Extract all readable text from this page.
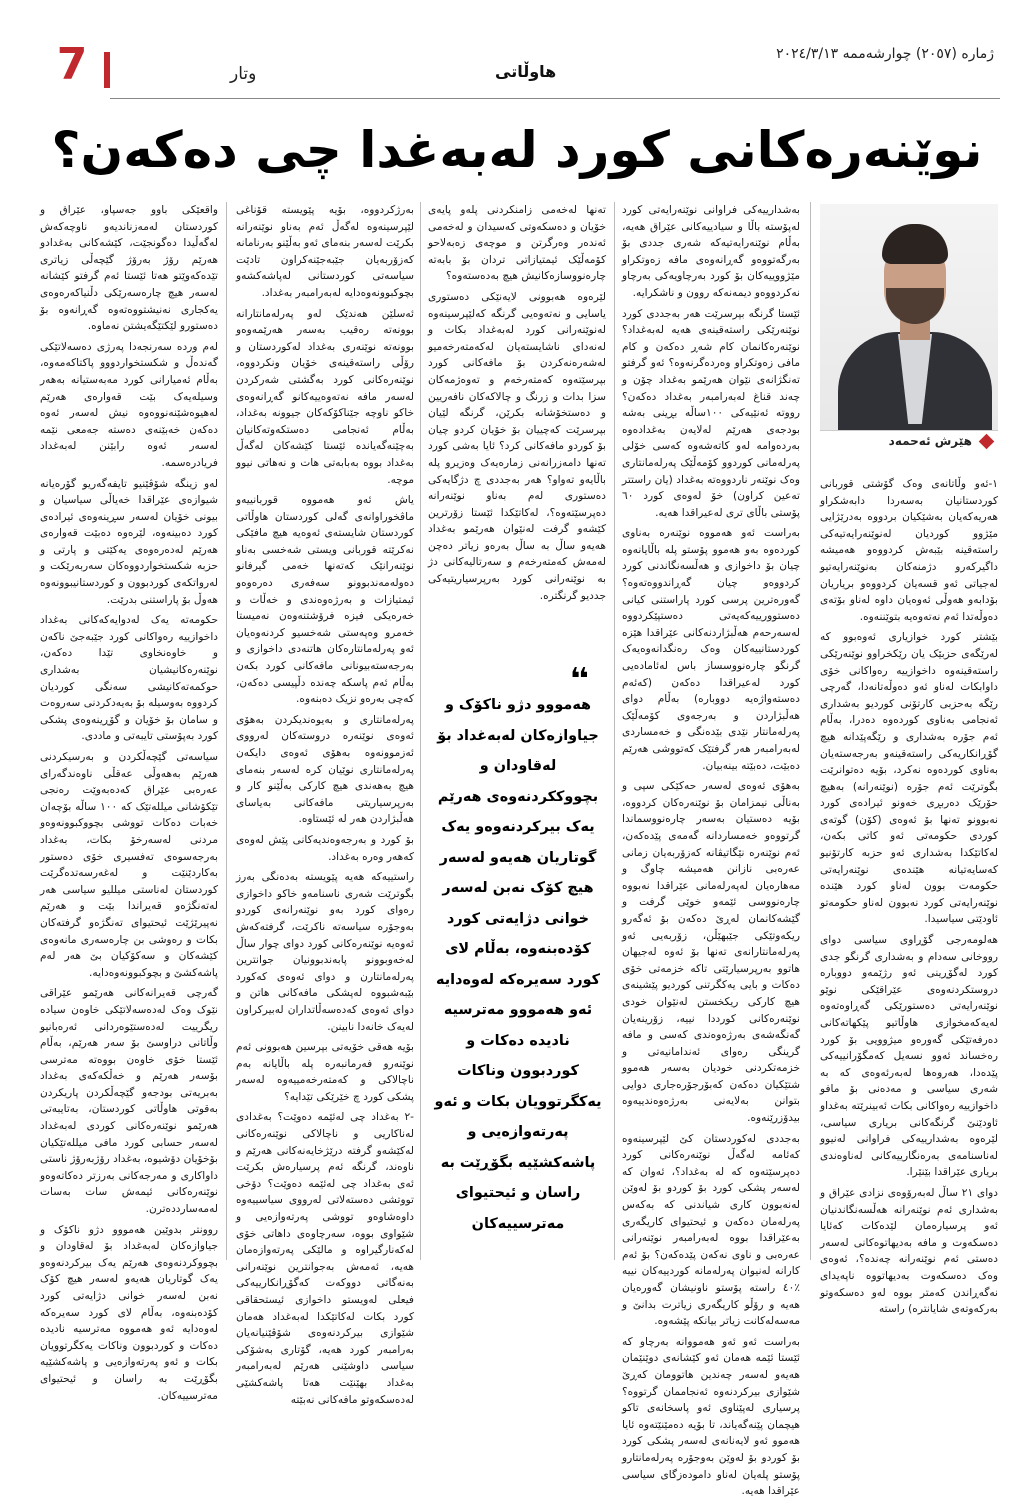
7	وتار	هاوڵاتی
ژمارە (٢٠٥٧) چوارشەممە ٢٠٢٤/٣/١٣
نوێنەرەکانی کورد لەبەغدا چی دەکەن؟
هێرش ئەحمەد

١-ئەو وڵاتانەی وەک گۆشتی قوربانی کوردستانیان بەسەردا دابەشکراو هەریەکەیان بەشێکیان بردووە بەدرێژایی مێژوو کوردیان لەنوێنەرایەتیەکی راستەقینە بێبەش کردووەو هەمیشە داگیرکەرو دژمنەکان بەنوێنەرایەتیو لەجیاتی ئەو قسەیان کردووەو بریاریان بۆدابەو هەوڵی ئەوەیان داوە لەناو بۆتەی دەوڵەتدا ئەم نەتەوەیە بتوێننەوە.

بێشتر کورد خوازیاری ئەوەبوو کە لەرێگەی حزبێک یان رێکخراوو نوێنەرێکی راستەقینەوە داخوازییە رەواکانی خۆی داوابکات لەناو ئەو دەوڵەتانەدا، گەرچی رێگە بەحزبی کارتۆنی کوردیو بەشداری ئەنجامی بەناوی کوردەوە دەدرا، بەڵام ئەم جۆرە بەشداری و رێگەپێدانە هیچ گۆڕانکاریەکی راستەقینەو بەرجەستەیان بەناوی کوردەوە نەکرد، بۆیە دەتوانرێت بگوترێت ئەم جۆرە (نوێنەرانە) بەهیچ حۆرێک دەربڕی خەونو ئیرادەی کورد نەبوونو تەنها بۆ ئەوەی (کۆن) گوتەی کوردی حکومەتی ئەو کاتی بکەن، لەکاتێکدا بەشداری ئەو حزبە کارتۆنیو کەسایەتیانە هێندەی نوێنەرایەتی حکومەت بوون لەناو کورد هێندە نوێنەرایەتی کورد نەبوون لەناو حکومەتو ئاودێتی سیاسیدا.

هەلومەرجی گۆڕاوی سیاسی دوای رووخانی سەدام و بەشداری گرنگو جدی کورد لەگۆڕینی ئەو رژێمەو دووبارە دروستکردنەوەی عێراقێکی نوێو نوێنەرایەتی دەستورێکی گەڕاوەتەوە لەیەکەمخوازی هاوڵاتیو پێکهاتەکانی دەرفەتێکی گەورەو میژوویی بۆ کورد رەخساند ئەوو نسەیل کەمگۆرانییەکی پێدەدا، هەروەها لەبەرئەوەی کە بە شەری سیاسی و مەدەنی بۆ مافو داخوازییە رەواکانی بکات ئەبینرێتە بەغداو ئاودێنێ گرنگەکانی بریاری سیاسی، لێرەوە بەشدارییەکی فراوانی لەنیوو لەناسنامەی بەرەنگارییەکانی لەناوەندی بریاری عێراقدا بێنێرا.

دوای ٢١ ساڵ لەبەرۆوەی نزادی عێراق و بەشداری ئەم نوێنەرانە هەڵسەنگاندنیان ئەو پرسیارەمان لێدەکات کەئایا دەسکەوت و مافە بەدیهاتوەکانی لەسەر دەستی ئەم نوێنەرانە چەندە؟، ئەوەی وەک دەسکەوت بەدیهاتووە ناپەیدای نەگەڕاندن کەمتر بووە لەو دەسکەوتو بەرکەوتەی شایانترە) راستە

بەشدارییەکی فراوانی نوێنەرایەتی کورد لەپۆستە باڵا و سیادییەکانی عێراق هەیە، بەڵام نوێنەرایەتیەکە شەری جددی بۆ بەرگەتووەو گەڕانەوەی مافە زەوتکراو مێژووییەکان بۆ کورد بەرچاویەکی بەرچاو نەکردووەو دیمەنەکە روون و ناشکرایە.

ئێستا گرنگە بپرسرێت هەر بەجددی کورد نوێنەرێکی راستەقینەی هەیە لەبەغداد؟ نوێنەرەکانمان کام شەڕ دەکەن و کام مافی زەوتکراو وەردەگرنەوە؟ ئەو گرفتو تەنگژانەی نێوان هەرێمو بەغداد چۆن و چەند قناغ لەبەرامبەر بەغداد دەکەن؟ رووتە ئەنێیەکی ١٠٠ساڵە بڕینی بەشە بودجەی هەرێم لەلایەن بەغدادەوە بەردەوامە لەو کاتەشەوە کەسی خۆلی پەرلەمانی کوردوو کۆمەڵێک پەرلەمانتاری وەک نوێنەر ناردووەتە بەغداد (یان راستتر تەعین کراون) خۆ لەوەی کورد ٦٠ پۆستی باڵای تری لەعیراقدا هەیە.

بەراست ئەو هەمووە نوێنەرە بەناوی کوردەوە بەو هەموو پۆستو پلە باڵایانەوە چیان بۆ داخوازی و هەڵسەنگاندنی کورد کردووەو چیان گەڕاندووەتەوە؟ گەورەترین پرسی کورد پاراستنی کیانی دەستوورییەکەیەتی دەستپێکردووە لەسەرحەم هەڵبژاردنەکانی عێراقدا هێزە کوردستانییەکان وەک رەنگدانەوەیەک گرنگو چارەنووسساز باس لەئامادەیی کورد لەعیراقدا دەکەن (کەئەم دەستەواژەیە دووبارە) بەڵام دوای هەڵبژاردن و بەرجەوی کۆمەڵێک پەرلەمانتار نێدی بێدەنگی و خەمساردی لەبەرامبەر هەر گرفتێک کەتووشی هەرێم دەبێت، دەبێتە بینەبیان.

بەهۆی ئەوەی لەسەر حەکێکی سپی و بەناڵی نیمزامان بۆ نوێنەرەکان کردووە، بۆیە دەستیان بەسەر چارەنووسماندا گرتووەو خەمساردانە گەمەی پێدەکەن، ئەم نوێنەرە نێگاتیڤانە کەزۆربەیان زمانی عەرەبی نازانن هەمیشە چاوگ و مەهارەیان لەپەرلەمانی عێراقدا نەبووە چارەنووسی ئێمەو خوێی گرفت و گێشەکانمان لەڕێ دەکەن بۆ ئەگەرو ریکەوتێکی جێبهێڵن، زۆربەیی ئەو پەرلەمانتارانەی تەنها بۆ ئەوە لەجیهان هاتوو بەرپرسیارێتی تاکە خزمەتی خۆی دەکات و بایی یەکگرتنی کوردیو پێشینەی هیچ کارکی ریکخستن لەنێوان خودی نوێنەرەکانی کورددا نییە، زۆرینەیان گەنگەشەی بەرژەوەندی کەسی و مافە گرینگی رەوای ئەندامانیەتی و خزمەتکردنی خودیان بەسەر هەموو شتێکیان دەکەن کەبۆرجۆرەجاری دوایی بتوانن بەلایەنی بەرژەوەندییەوە بیدۆزرێنەوە.

بەجددی لەکوردستان کێ لێپرسینەوە کەئامە لەگەڵ نوێنەرەکانی کورد دەپرسێتەوە کە لە بەغداد؟، ئەوان کە لەسەر پشکی کورد بۆ کوردو بۆ لەوێن لەنەبوون کاری شیاندنی کە بەکەس پەرلەمان دەکەن و ئیحتیوای کاریگەری بەعێراقدا بووە لەبەرامبەر نوێنەرانی عەرەبی و ناوی نەکەن پێدەکەن؟ بۆ ئەم کارانە لەنیوان پەرلەمانە کوردییەکان نییە ٪٤٠ راستە پۆستو ناونیشان گەورەیان هەیە و رۆڵو کاریگەری زیاترت بدانێ و مەسەلەکانت زیاتر بیانکە پێشەوە.

بەراست ئەو ئەو هەمووانە بەرچاو کە ئێستا ئێمە هەمان ئەو کێشانەی دوێنێمان هەیەو لەسەر چەندین هاتوومان کەڕێ شێوازی بیرکردنەوە ئەنجاممان گرتووە؟ پرسیاری لەپێناوی ئەو پاسخانەی تاکو هیچمان پێنەگەیاند، تا بۆیە دەمێنێتەوە ئایا هەموو ئەو لایەنانەی لەسەر پشکی کورد بۆ کوردو بۆ لەوێن بەوجۆرە پەرلەمانتارو پۆستو پلەیان لەناو دامودەزگای سیاسی عێراقدا هەیە.

تەنها لەخەمی زامنکردنی پلەو پایەی خۆیان و دەسکەوتی کەسیدان و لەخەمی ئەندەر وەرگرتن و موچەی زەبەلاحو کۆمەڵێک ئیمتیازاتی تردان بۆ بابەتە چارەنووسازەکانیش هیچ بەدەستەوە؟

لێرەوە هەبوونی لایەنێکی دەستوری یاسایی و نەتەوەیی گرنگە کەلێپرسینەوە لەنوێنەرانی کورد لەبەغداد بکات و لەنەدای ناشایستەیان لەکەمتەرخەمیو لەشەرەنەکردن بۆ مافەکانی کورد بپرسێتەوە کەمتەرخەم و تەوەژمەکان سزا بدات و زرنگ و چالاکەکان نافەریین و دەستخۆشانە بکرێن، گرنگە لێیان بپرسرێت کەچییان بۆ خۆیان کردو چیان بۆ کوردو مافەکانی کرد؟ ئایا بەشی کورد تەنها دامەزرانەنی زمارەیەک وەزیرو پلە باڵایەو تەواو؟ هەر بەجددی چ دژگایەکی دەستوری لەم بەناو نوێنەرانە دەپرسێتەوە؟، لەکاتێکدا ئێستا زۆرترین کێشەو گرفت لەنێوان هەرێمو بەغداد هەیەو ساڵ بە ساڵ بەرەو زیاتر دەچن لەمەش کەمتەرخەم و سەرتالیەکانی دژ بە نوێنەرانی کورد بەرپرسیاریتیەکی جددیو گرنگترە.

بەرژکردووە، بۆیە پێویستە قۆناغی لێپرسینەوە لەگەڵ ئەم بەناو نوێنەرانە بکرێت لەسەر بنەمای ئەو بەڵێنو بەرنامانە کەزۆربەیان جێبەجێنەکراون تادێت سیاسەتی کوردستانی لەپاشەکشەو بچوکبوونەوەدایە لەبەرامبەر بەغداد.

ئەسلێن هەندێک لەو پەرلەمانتارانە بوونەتە رەقیب بەسەر هەرێمەوەو بوونەتە نوێنەری بەغداد لەکوردستان و رۆڵی راستەقینەی خۆیان ونکردووە، نوێنەرەکانی کورد بەگشتی شەرکردن لەسەر مافە نەتەوەییەکانو گەڕانەوەی خاکو ناوچە جێناکۆکەکان جیوونە بەغداد، بەڵام ئەنجامی دەستکەوتەکانیان بەچێنەگەیاندە ئێستا کێشەکان لەگەڵ بەغداد بووە بەبابەتی هات و نەهاتی نیوو موچە.

یاش ئەو هەمووە قوربانییەو ماڤخوراوانەی گەلی کوردستان هاوڵاتی کوردستان شایستەی ئەوەیە هیچ مافێکی نەکرێتە قوربانی ویستی شەخسی بەناو نوێنەرانێک کەتەنها خەمی گیرفانو دەولەمەندبوونو سەفەری دەرەوەو ئیمتیازات و بەرژەوەندی و خەڵات و خەرەیکی فیزە فرۆشتنەوەن نەمیستا خەمرو وەپەستی شەخسیو کردنەوەیان ئەو پەرلەمانتارەکان هاتنەدی داخوازی و بەرجەستەبیونانی مافەکانی کورد بکەن بەڵام ئەم پاسکە چەندە دڵپیسی دەکەن، کەچی بەرەو نزیک دەبنەوە.

پەرلەمانتاری و بەیوەندیکردن بەهۆی ئەوەی نوێنەرە دروستەکان لەرووی ئەزموونەوە بەهۆی ئەوەی دایکەن پەرلەمانتاری نوێیان کرە لەسەر بنەمای هیچ بەهەندی هیچ کارکی بەڵێنو کار و بەرپرسیاریتی مافەکانی بەیاسای هەڵبژاردن هەر لە ئێستاوە.

بۆ کورد و بەرجەوەندیەکانی پێش لەوەی کەهەر وەرە بەغداد.

راستییەکە هەیە پێویستە بەدەنگی بەرز بگوترێت شەری ناسنامەو خاکو داخوازی رەوای کورد بەو نوێنەرانەی کوردو بەوجۆرە سیاسەتە ناکرێت، گرفتەکەش ئەوەیە نوێنەرەکانی کورد دوای چوار ساڵ لەخەوبوونو پابەندبوونیان جوانترین پەرلەمانتارن و دوای ئەوەی کەکورد بێبەشبووە لەپشکی مافەکانی هاتن و دوای ئەوەی کەدەسەڵاتداران لەبیرکراون لەیەک خانەدا نابینن.

بۆیە هەقی خۆیەتی بپرسین هەبوونی ئەم نوێنەرو فەرمانبەرە پلە باڵایانە بەم ناچالاکی و کەمتەرخەمییەوە لەسەر پشکی کورد چ خێرێکی تێدایە؟

-٢ بەغداد چی لەئێمە دەوێت؟ بەغدادی لەناکاریی و ناچالاکی نوێنەرەکانی لەکێشەو گرفتە درێژخایەنەکانی هەرێم و ناوەند، گرنگە ئەم پرسیارەش بکرێت ئەی بەغداد چی لەئێمە دەوێت؟ دۆخی تووتشی دەستەلاتی لەرووی سیاسییەوە داوەشاوەو تووشی پەرتەوازەیی و شێواوی بووە، سەرچاوەی داهاتی خۆی لەکەنارگیراوە و مالێکی پەرتەوازەمان هەیە، ئەمەش بەجوانترین نوێنەرانی بەنەگاتی دووکەت کەگۆڕانکارییەکی فیعلی لەویستو داخوازی ئیستحقاقی کورد بکات لەکاتێکدا لەبەغداد هەمان شێوازی بیرکردنەوەی شۆڤێنیانەیان بەرامبەر کورد هەیە، گۆتاری بەشۆکی سیاسی داوشێنی هەرێم لەبەرامبەر بەغداد بهێنێت هەتا پاشەکشێی لەدەسکەوتو مافەکانی نەبێتە

واقعێکی باوو جەسپاو، عێراق و کوردستان لەمەزناندیەو ناوچەکەش لەگەڵیدا دەگونجێت، کێشەکانی بەغدادو هەرێم رۆژ بەرۆژ گێچەڵی زیاتری تێدەکەوێتو هەتا ئێستا ئەم گرفتو کێشانە لەسەر هیچ چارەسەرێکی دڵنیاکەرەوەی یەکجاری نەنیشتووەتەوە گەڕانەوە بۆ دەستورو لێکتێگەیشتن نەماوە.

لەم وردە سەرنجەدا پەرژی دەسەلاتێکی گەندەڵ و شکستخواردووو پاکتاکەمەوە، بەڵام ئەمیارانی کورد مەبەستیانە بەهەر وسیلەیەک بێت قەوارەی هەرێم لەهیوەشێنەنووەوە نیش لەسەر ئەوە دەکەن خەبێنەی دەستە جەمعی نێمە لەسەر ئەوە رابێنن لەبەغداد فریادرەسمە.

لەو زینگە شۆڤێنیو تایفەگەریو گۆرەیانە شیوازەی عێراقدا خەیاڵی سیاسیان و بیونی خۆیان لەسەر سڕینەوەی ئیرادەی کورد دەبینەوە، لێرەوە دەبێت قەوارەی هەرێم لەدەرەوەی یەکێتی و پارتی و حزبە شکستخواردووەکان سەربەرێکت و لەرواتکەی کوردبوون و کوردستانیبوونەوە هەوڵ بۆ پاراستنی بدرێت.

حکومەتە یەک لەدوایەکەکانی بەغداد داخوازییە رەواکانی کورد جێبەجێ ناکەن و خاوەنخاوی تێدا دەکەن، نوێنەرەکانیشیان بەشداری حوکمەتەکانیشی سەنگی کوردیان کردووە بەوسیلە بۆ بەیەدکردنی سەروەت و سامان بۆ خۆیان و گۆڕینەوەی پشکی کورد بەپۆستی تایبەتی و ماددی.

سیاسەتی گێچەڵکردن و بەرسیکردنی هەرێم بەهەوڵی عەقڵی ناوەندگەرای عەرەبی عێراق کەدەبەوێت رەنجی تێکۆشانی میللەتێک کە ١٠٠ ساڵە بۆچەان خەبات دەکات تووشی بچووکبوونەوەو مردنی لەسەرخۆ بکات، بەغداد بەرجەسوەی تەفسیری خۆی دەستور بەکاردێنێت و لەغەرسەتدەگرێت کوردستان لەناستی میللیو سیاسی هەر لەتەنگژەو قەیراندا بێت و هەرێم نەپیرێژێت ئیحتیوای تەنگژەو گرفتەکان بکات و رەوشی بن چارەسەری مانەوەی کێشەکان و سەکۆکیان بێ هەر لەم پاشەکشێ و بچوکبوونەوەدایە.

گەرچی قەیرانەکانی هەرێمو عێراقی نێوک وەک لەدەسەلاتێکی خاوەن سیادە ریگرییت لەدەستێوەردانی ئەرەبانیو وڵاتانی دراوسێ بۆ سەر هەرێم، بەڵام ئێستا خۆی خاوەن بووەتە مەترسی بۆسەر هەرێم و خەڵکەکەی بەغداد بەبریەتی بودجەو گێچەڵکردن پاریکردن بەقوتی هاوڵاتی کوردستان، بەتایبەتی هەرێمو نوێنەرەکانی کوردی لەبەغداد لەسەر حسابی کورد مافی میللەتێکیان بۆخۆیان دۆشیوە، بەغداد رۆژبەرۆژ ناستی داواکاری و مەرجەکانی بەرزتر دەکاتەوەو نوێنەرەکانی ئیمەش سات بەسات لەمەسارددەترن.

روونتر بدوێین هەمووو دژو ناکۆک و جیاوازەکان لەبەغداد بۆ لەقاودان و بچووکردنەوەی هەرێم یەک بیرکردنەوەو یەک گوتاریان هەیەو لەسەر هیچ کۆک نەبن لەسەر خوانی دژایەتی کورد کۆدەبنەوە، بەڵام لای کورد سەیرەکە لەوەدایە ئەو هەمووە مەترسیە نادیدە دەکات و کوردبوون وناکات یەکگرتوویان بکات و ئەو پەرتەوازەیی و پاشەکشێیە بگۆڕێت بە راسان و ئیحتیوای مەترسییەکان.

❛❛
هەمووو دژو ناکۆک و جیاوازەکان لەبەغداد بۆ لەقاودان و بچووککردنەوەی هەرێم یەک بیرکردنەوەو یەک گوتاریان هەیەو لەسەر هیچ کۆک نەبن لەسەر خوانی دژایەتی کورد کۆدەبنەوە، بەڵام لای کورد سەیرەکە لەوەدایە ئەو هەمووو مەترسیە نادیدە دەکات و کوردبوون وناکات یەکگرتوویان بکات و ئەو پەرتەوازەیی و پاشەکشێیە بگۆڕێت بە راسان و ئیحتیوای مەترسییەکان
